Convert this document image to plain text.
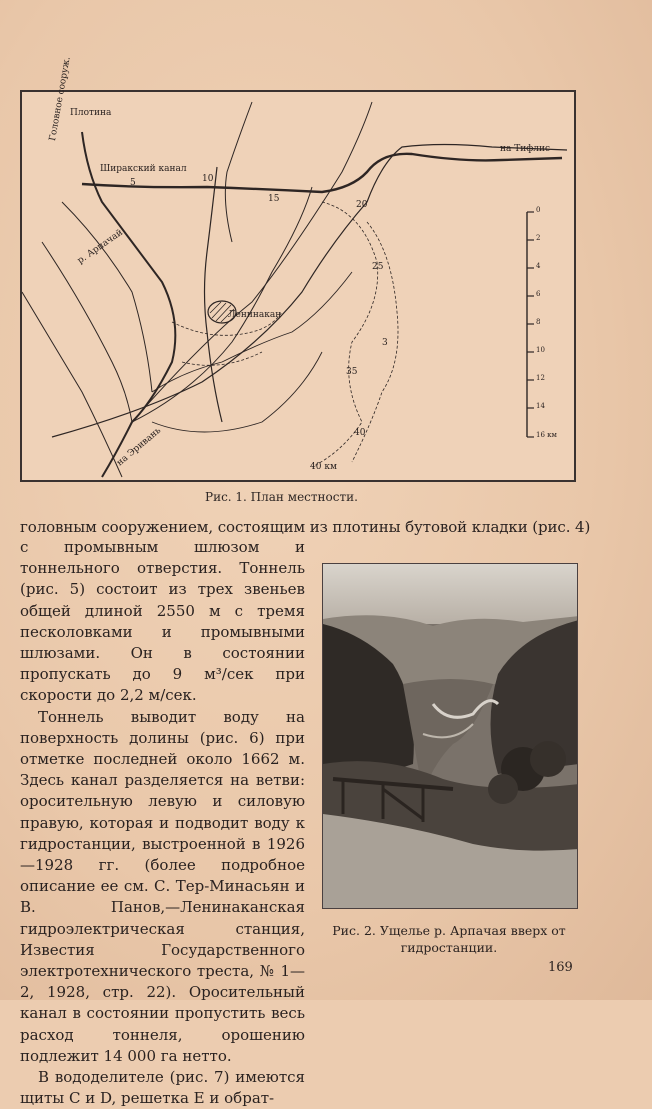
Плотина
Головное сооруж.
Ширакский канал
р. Арпачай
Ленинакан
на Тифлис
на Эривань
5	10
15
20
25
3
35
40
40 км
0
2
4
6
8
10
12
14
16 км
Рис. 1. План местности.
головным сооружением, состоящим из плотины бутовой кладки (рис. 4)

с промывным шлюзом и тоннельного отверстия. Тоннель (рис. 5) состоит из трех звеньев общей длиной 2550 м с тремя песколовками и промывными шлюзами. Он в состоянии пропускать до 9 м³/сек при скорости до 2,2 м/сек.

Тоннель выводит воду на поверхность долины (рис. 6) при отметке последней около 1662 м. Здесь канал разделяется на ветви: оросительную левую и силовую правую, которая и подводит воду к гидростанции, выстроенной в 1926—1928 гг. (более подробное описание ее см. С. Тер-Минасьян и В. Панов,—Ленинаканская гидроэлектрическая станция, Известия Государственного электротехнического треста, № 1—2, 1928, стр. 22). Оросительный канал в состоянии пропустить весь расход тоннеля, орошению подлежит 14 000 га нетто.

В вододелителе (рис. 7) имеются щиты C и D, решетка E и обрат-

Рис. 2. Ущелье р. Арпачая вверх от гидростанции.
169
